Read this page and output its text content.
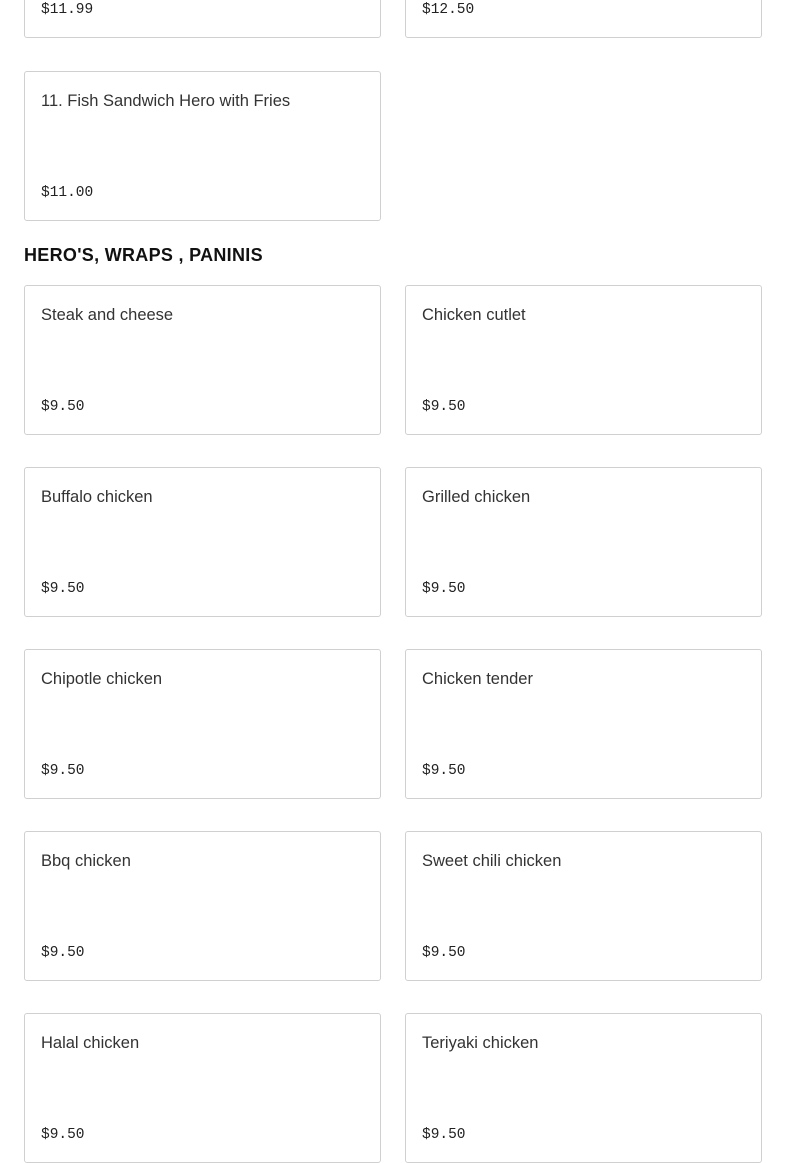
$11.99	$12.50
11. Fish Sandwich Hero with Fries
$11.00
HERO'S, WRAPS , PANINIS
Steak and cheese
$9.50
Chicken cutlet
$9.50
Buffalo chicken
$9.50
Grilled chicken
$9.50
Chipotle chicken
$9.50
Chicken tender
$9.50
Bbq chicken
$9.50
Sweet chili chicken
$9.50
Halal chicken
$9.50
Teriyaki chicken
$9.50
